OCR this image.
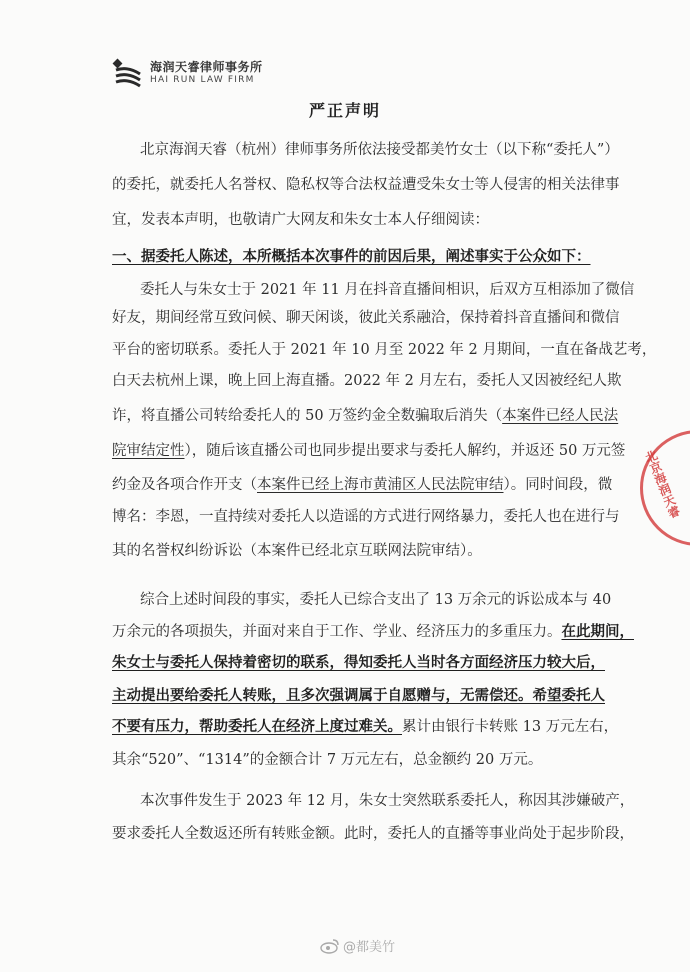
海润天睿律师事务所
HAI RUN LAW FIRM
严正声明
北京海润天睿（杭州）律师事务所依法接受都美竹女士（以下称“委托人”）
的委托，就委托人名誉权、隐私权等合法权益遭受朱女士等人侵害的相关法律事
宜，发表本声明，也敬请广大网友和朱女士本人仔细阅读：
一、据委托人陈述，本所概括本次事件的前因后果，阐述事实于公众如下：
委托人与朱女士于 2021 年 11 月在抖音直播间相识，后双方互相添加了微信
好友，期间经常互致问候、聊天闲谈，彼此关系融洽，保持着抖音直播间和微信
平台的密切联系。委托人于 2021 年 10 月至 2022 年 2 月期间，一直在备战艺考，
白天去杭州上课，晚上回上海直播。2022 年 2 月左右，委托人又因被经纪人欺
诈，将直播公司转给委托人的 50 万签约金全数骗取后消失（本案件已经人民法
院审结定性），随后该直播公司也同步提出要求与委托人解约，并返还 50 万元签
约金及各项合作开支（本案件已经上海市黄浦区人民法院审结）。同时间段，微
博名：李恩，一直持续对委托人以造谣的方式进行网络暴力，委托人也在进行与
其的名誉权纠纷诉讼（本案件已经北京互联网法院审结）。
综合上述时间段的事实，委托人已综合支出了 13 万余元的诉讼成本与 40
万余元的各项损失，并面对来自于工作、学业、经济压力的多重压力。在此期间，
朱女士与委托人保持着密切的联系，得知委托人当时各方面经济压力较大后，
主动提出要给委托人转账，且多次强调属于自愿赠与，无需偿还。希望委托人
不要有压力，帮助委托人在经济上度过难关。累计由银行卡转账 13 万元左右，
其余“520”、“1314”的金额合计 7 万元左右，总金额约 20 万元。
本次事件发生于 2023 年 12 月，朱女士突然联系委托人，称因其涉嫌破产，
要求委托人全数返还所有转账金额。此时，委托人的直播等事业尚处于起步阶段，
北京海润天睿
@都美竹
